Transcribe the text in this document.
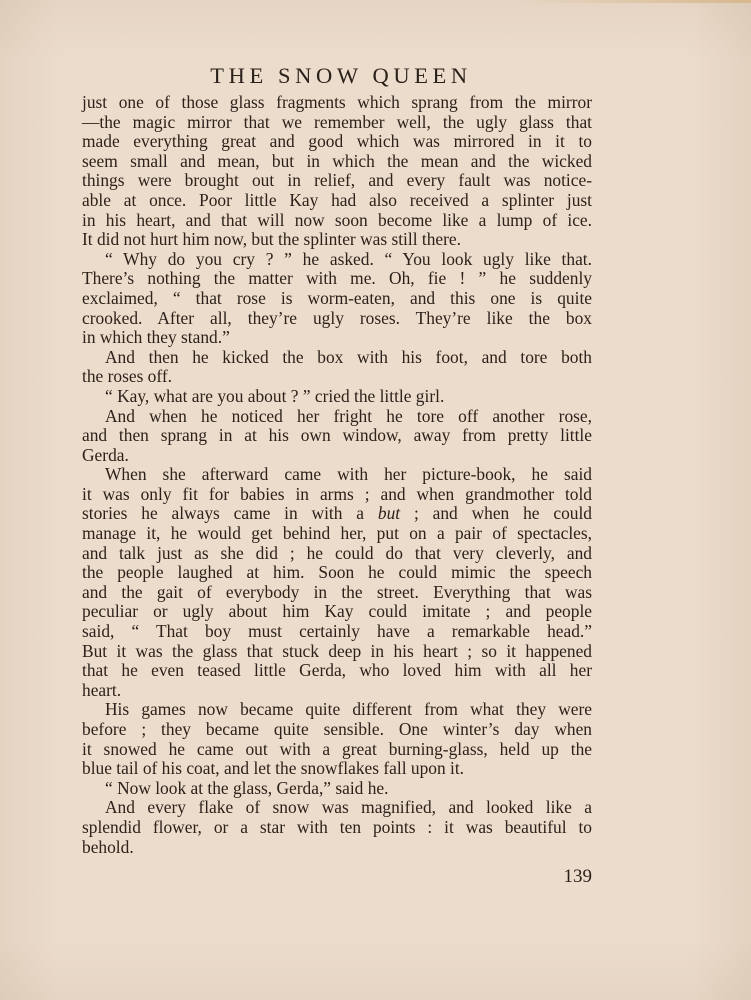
THE SNOW QUEEN
just one of those glass fragments which sprang from the mirror
—the magic mirror that we remember well, the ugly glass that
made everything great and good which was mirrored in it to
seem small and mean, but in which the mean and the wicked
things were brought out in relief, and every fault was notice-
able at once. Poor little Kay had also received a splinter just
in his heart, and that will now soon become like a lump of ice.
It did not hurt him now, but the splinter was still there.
“ Why do you cry ? ” he asked. “ You look ugly like that.
There’s nothing the matter with me. Oh, fie ! ” he suddenly
exclaimed, “ that rose is worm-eaten, and this one is quite
crooked. After all, they’re ugly roses. They’re like the box
in which they stand.”
And then he kicked the box with his foot, and tore both
the roses off.
“ Kay, what are you about ? ” cried the little girl.
And when he noticed her fright he tore off another rose,
and then sprang in at his own window, away from pretty little
Gerda.
When she afterward came with her picture-book, he said
it was only fit for babies in arms ; and when grandmother told
stories he always came in with a but ; and when he could
manage it, he would get behind her, put on a pair of spectacles,
and talk just as she did ; he could do that very cleverly, and
the people laughed at him. Soon he could mimic the speech
and the gait of everybody in the street. Everything that was
peculiar or ugly about him Kay could imitate ; and people
said, “ That boy must certainly have a remarkable head.”
But it was the glass that stuck deep in his heart ; so it happened
that he even teased little Gerda, who loved him with all her
heart.
His games now became quite different from what they were
before ; they became quite sensible. One winter’s day when
it snowed he came out with a great burning-glass, held up the
blue tail of his coat, and let the snowflakes fall upon it.
“ Now look at the glass, Gerda,” said he.
And every flake of snow was magnified, and looked like a
splendid flower, or a star with ten points : it was beautiful to
behold.
139
